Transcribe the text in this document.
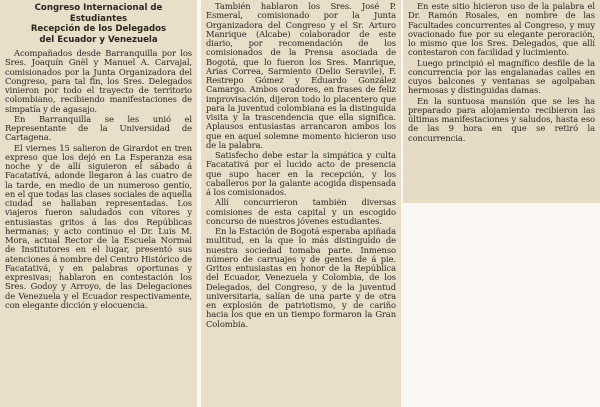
Congreso Internacional de Estudiantes
Recepción de los Delegados
del Ecuador y Venezuela

Acompañados desde Barranquilla por los Sres. Joaquín Gnël y Manuel A. Carvajal, comisionados por la Junta Organizadora del Congreso, para tal fin, los Sres. Delegados vinieron por todo el trayecto de territorio colombiano, recibiendo manifestaciones de simpatía y de agasajo.

En Barranquilla se les unió el Representante de la Universidad de Cartagena.

El viernes 15 salieron de Girardot en tren expreso que los dejó en La Esperanza esa noche y de allí siguieron el sábado á Facatativá, adonde llegaron á las cuatro de la tarde, en medio de un numeroso gentío, en el que todas las clases sociales de aquella ciudad se hallaban representadas. Los viajeros fueron saludados con vítores y entusiastas gritos á las dos Repúblicas hermanas; y acto continuo el Dr. Luis M. Mora, actual Rector de la Escuela Normal de Institutores en el lugar, presentó sus atenciones á nombre del Centro Histórico de Facatativá, y en palabras oportunas y expresivas; hablaron en contestación los Sres. Godoy y Arroyo, de las Delegaciones de Venezuela y el Ecuador respectivamente, con elegante dicción y elocuencia.

También hablaron los Sres. José P. Esmeral, comisionado por la Junta Organizadora del Congreso y el Sr. Arturo Manrique (Alcabe) colaborador de este diario, por recomendación de los comisionados de la Prensa asociada de Bogotá, que lo fueron los Sres. Manrique, Arias Correa, Sarmiento (Delio Seravile), F. Restrepo Gómez y Eduardo González Camargo. Ambos oradores, en frases de feliz improvisación, dijeron todo lo placentero que para la juventud colombiana es la distinguida visita y la trascendencia que ella significa. Aplausos entusiastas arrancaron ambos los que en aquel solemne momento hicieron uso de la palabra.

Satisfecho debe estar la simpática y culta Facatativá por el lucido acto de presencia que supo hacer en la recepción, y los caballeros por la galante acogida dispensada á los comisionados.

Allí concurrieron también diversas comisiones de esta capital y un escogido concurso de nuestros jóvenes estudiantes.

En la Estación de Bogotá esperaba apiñada multitud, en la que lo más distinguido de nuestra sociedad tomaba parte. Inmenso número de carruajes y de gentes de á pie. Gritos entusiastas en honor de la República del Ecuador, Venezuela y Colombia, de los Delegados, del Congreso, y de la juventud universitaria, salían de una parte y de otra en explosión de patriotismo, y de cariño hacia los que en un tiempo formaron la Gran Colombia.

En este sitio hicieron uso de la palabra el Dr. Ramón Rosales, en nombre de las Facultades concurrentes al Congreso, y muy ovacionado fue por su elegante peroración, lo mismo que los Sres. Delegados, que allí contestaron con facilidad y lucimiento.

Luego principió el magnífico desfile de la concurrencia por las engalanadas calles en cuyos balcones y ventanas se agolpaban hermosas y distinguidas damas.

En la suntuosa mansión que se les ha preparado para alojamiento recibieron las últimas manifestaciones y saludos, hasta eso de las 9 hora en que se retiró la concurrencia.
